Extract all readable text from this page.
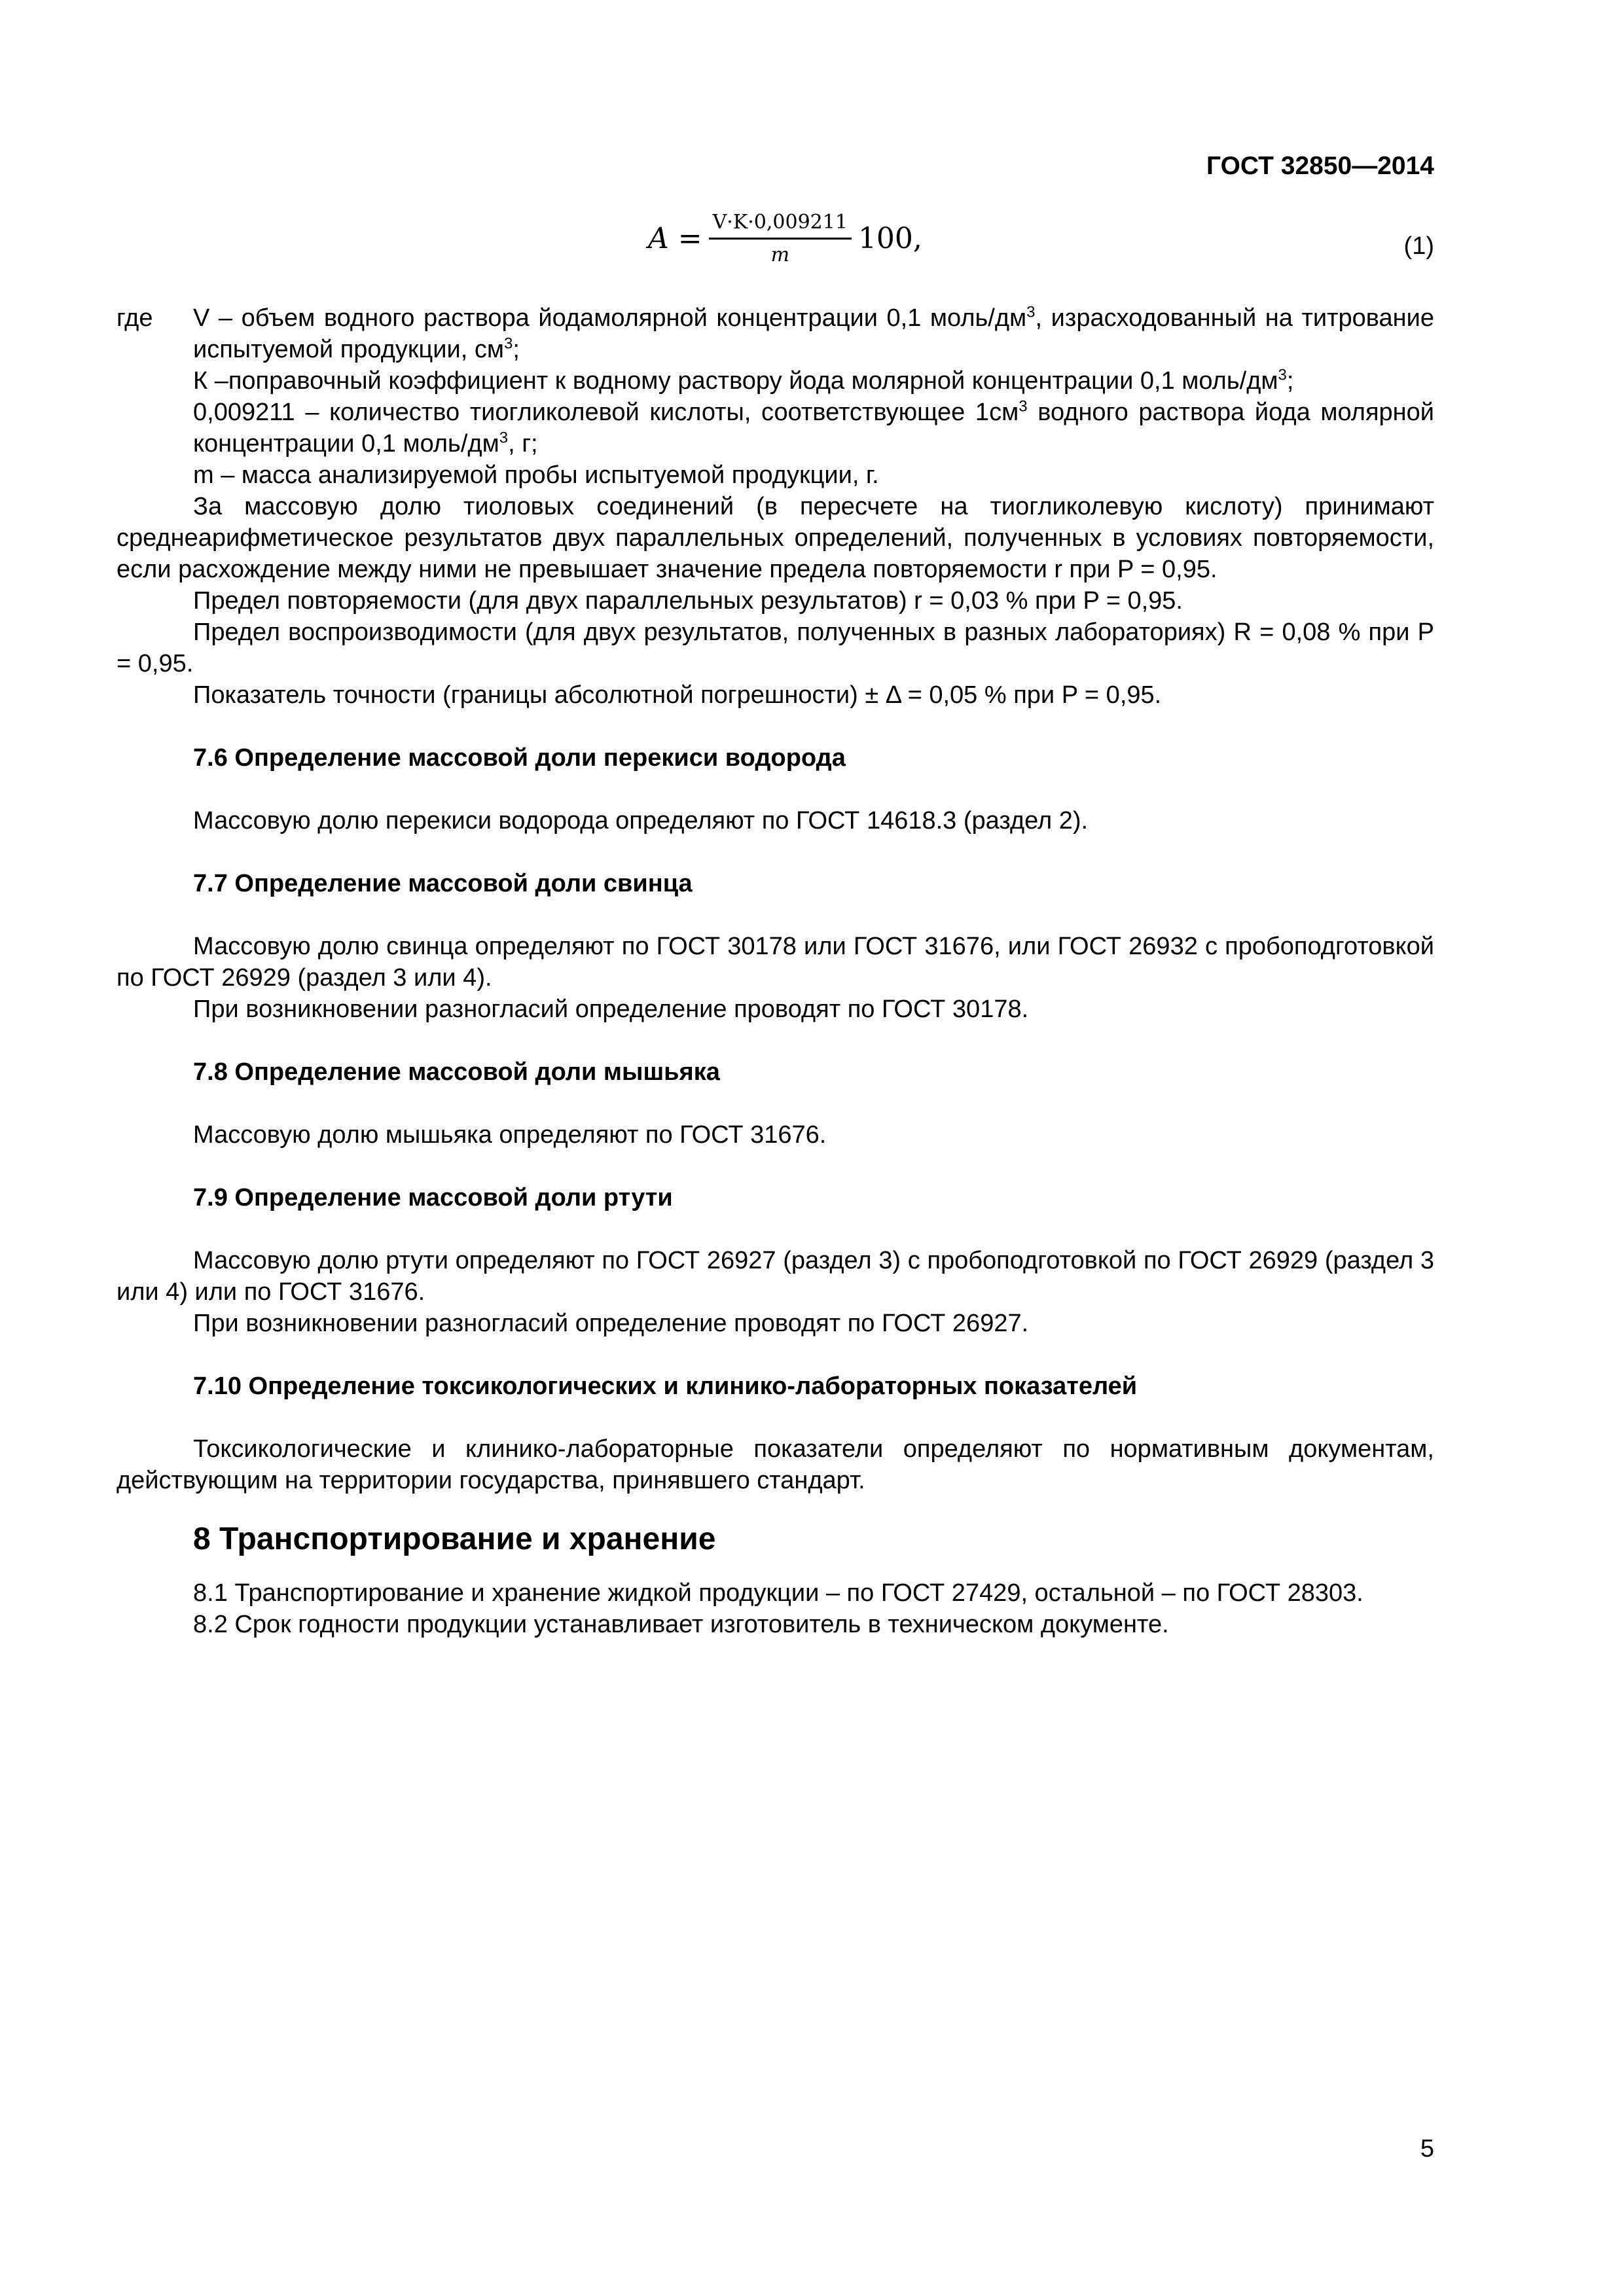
ГОСТ 32850—2014
$A = \frac{V\cdot K\cdot 0,009211}{m} 100$,	(1)
где	V – объем водного раствора йодамолярной концентрации 0,1 моль/$дм^3$, израсходованный на титрование испытуемой продукции, $см^3$;

К –поправочный коэффициент к водному раствору йода молярной концентрации 0,1 моль/$дм^3$;

0,009211 – количество тиогликолевой кислоты, соответствующее $1см^3$ водного раствора йода молярной концентрации 0,1 моль/$дм^3$, г;

m – масса анализируемой пробы испытуемой продукции, г.

За массовую долю тиоловых соединений (в пересчете на тиогликолевую кислоту) принимают среднеарифметическое результатов двух параллельных определений, полученных в условиях повторяемости, если расхождение между ними не превышает значение предела повторяемости r при P = 0,95.

Предел повторяемости (для двух параллельных результатов) r = 0,03 % при P = 0,95.

Предел воспроизводимости (для двух результатов, полученных в разных лабораториях) R = 0,08 % при P = 0,95.

Показатель точности (границы абсолютной погрешности) ± Δ = 0,05 % при P = 0,95.

7.6 Определение массовой доли перекиси водорода

Массовую долю перекиси водорода определяют по ГОСТ 14618.3 (раздел 2).

7.7 Определение массовой доли свинца

Массовую долю свинца определяют по ГОСТ 30178 или ГОСТ 31676, или ГОСТ 26932 с пробоподготовкой по ГОСТ 26929 (раздел 3 или 4).

При возникновении разногласий определение проводят по ГОСТ 30178.

7.8 Определение массовой доли мышьяка

Массовую долю мышьяка определяют по ГОСТ 31676.

7.9 Определение массовой доли ртути

Массовую долю ртути определяют по ГОСТ 26927 (раздел 3) с пробоподготовкой по ГОСТ 26929 (раздел 3 или 4) или по ГОСТ 31676.

При возникновении разногласий определение проводят по ГОСТ 26927.

7.10 Определение токсикологических и клинико-лабораторных показателей

Токсикологические и клинико-лабораторные показатели определяют по нормативным документам, действующим на территории государства, принявшего стандарт.

8 Транспортирование и хранение

8.1 Транспортирование и хранение жидкой продукции – по ГОСТ 27429, остальной – по ГОСТ 28303.

8.2 Срок годности продукции устанавливает изготовитель в техническом документе.

5
